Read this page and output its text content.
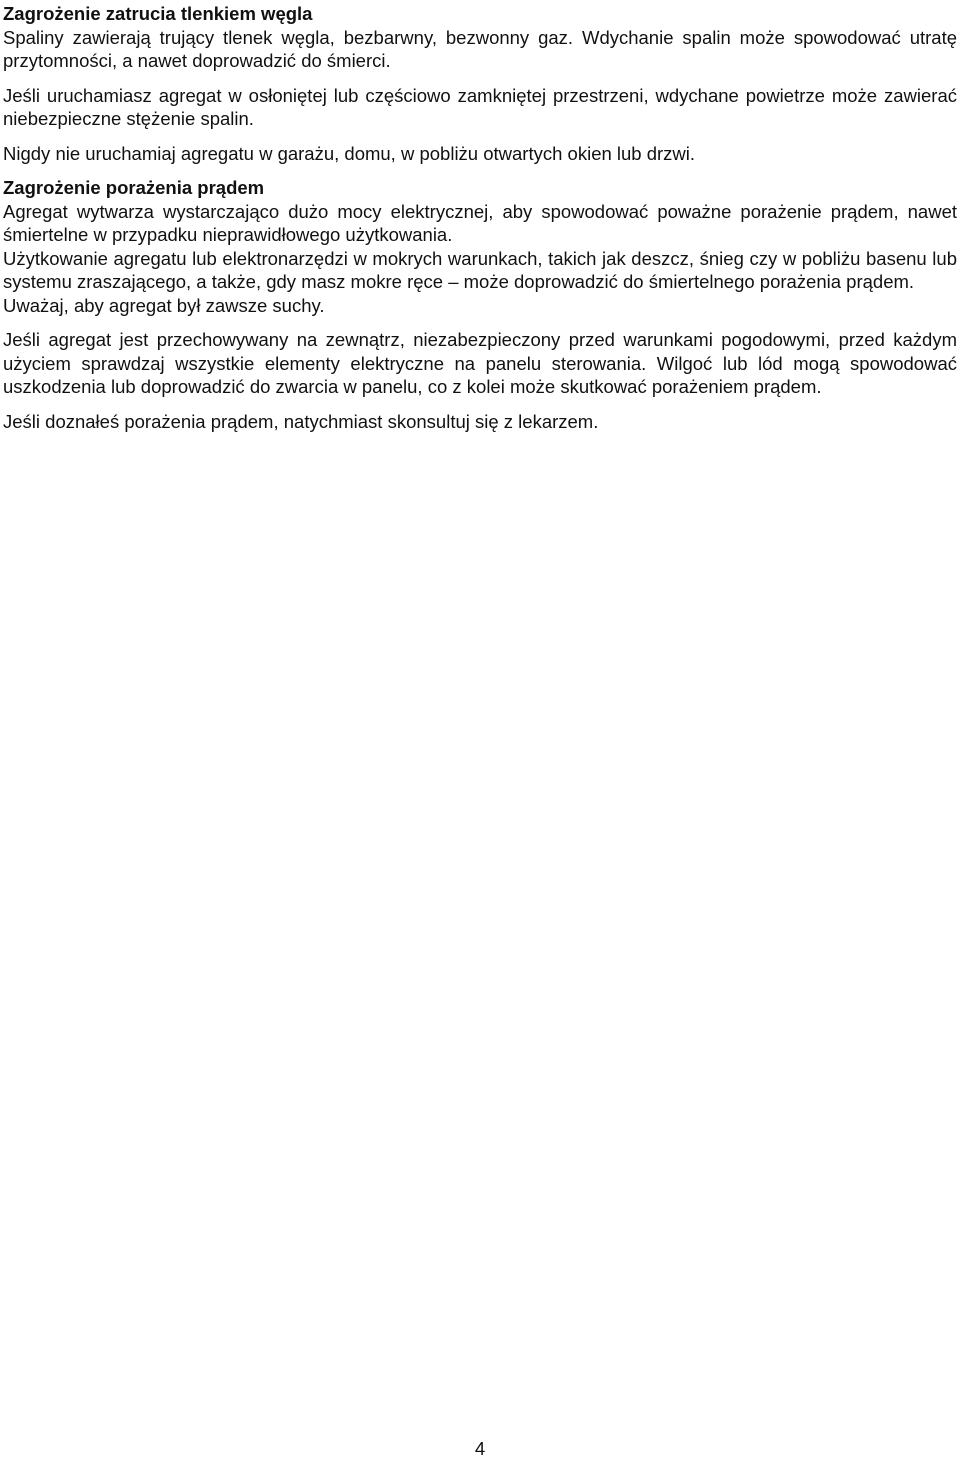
Zagrożenie zatrucia tlenkiem węgla

Spaliny zawierają trujący tlenek węgla, bezbarwny, bezwonny gaz. Wdychanie spalin może spowodować utratę przytomności, a nawet doprowadzić do śmierci.

Jeśli uruchamiasz agregat w osłoniętej lub częściowo zamkniętej przestrzeni, wdychane powietrze może zawierać niebezpieczne stężenie spalin.

Nigdy nie uruchamiaj agregatu w garażu, domu, w pobliżu otwartych okien lub drzwi.

Zagrożenie porażenia prądem

Agregat wytwarza wystarczająco dużo mocy elektrycznej, aby spowodować poważne porażenie prądem, nawet śmiertelne w przypadku nieprawidłowego użytkowania.

Użytkowanie agregatu lub elektronarzędzi w mokrych warunkach, takich jak deszcz, śnieg czy w pobliżu basenu lub systemu zraszającego, a także, gdy masz mokre ręce – może doprowadzić do śmiertelnego porażenia prądem.

Uważaj, aby agregat był zawsze suchy.

Jeśli agregat jest przechowywany na zewnątrz, niezabezpieczony przed warunkami pogodowymi, przed każdym użyciem sprawdzaj wszystkie elementy elektryczne na panelu sterowania. Wilgoć lub lód mogą spowodować uszkodzenia lub doprowadzić do zwarcia w panelu, co z kolei może skutkować porażeniem prądem.

Jeśli doznałeś porażenia prądem, natychmiast skonsultuj się z lekarzem.

4
